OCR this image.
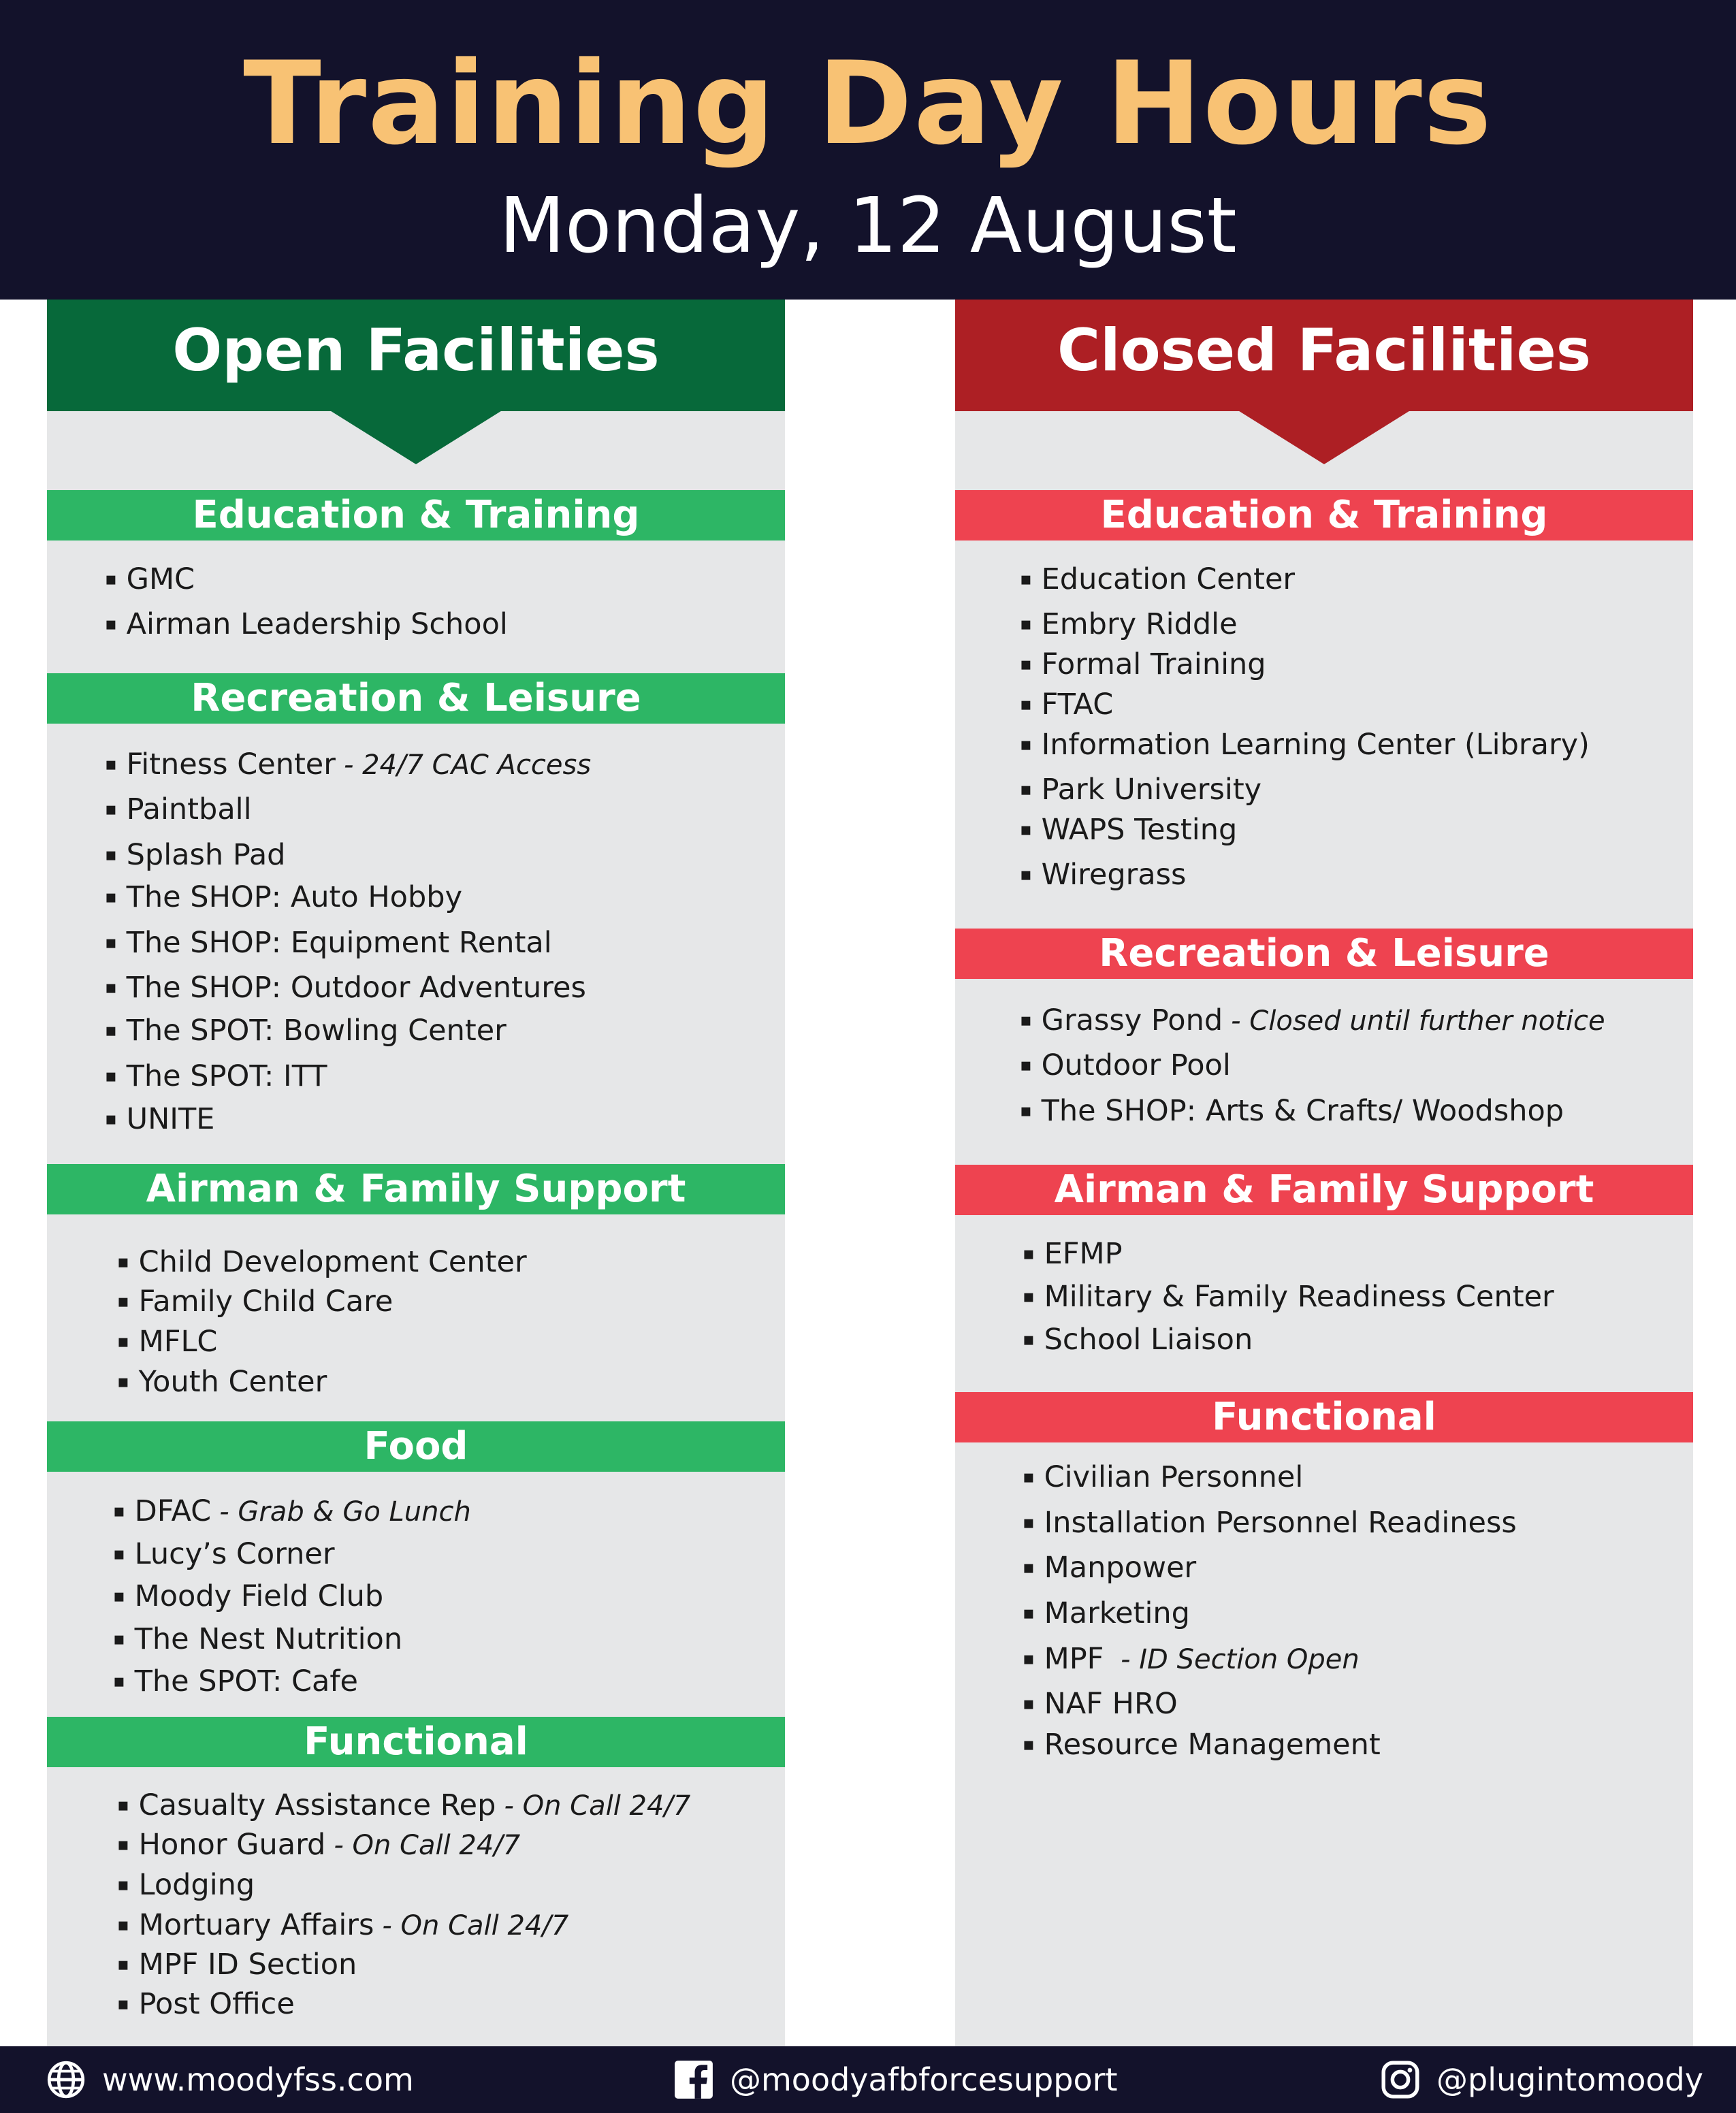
Training Day Hours
Monday, 12 August
Open Facilities
Education & Training
▪ GMC
▪ Airman Leadership School
Recreation & Leisure
▪ Fitness Center - 24/7 CAC Access
▪ Paintball
▪ Splash Pad
▪ The SHOP: Auto Hobby
▪ The SHOP: Equipment Rental
▪ The SHOP: Outdoor Adventures
▪ The SPOT: Bowling Center
▪ The SPOT: ITT
▪ UNITE
Airman & Family Support
▪ Child Development Center
▪ Family Child Care
▪ MFLC
▪ Youth Center
Food
▪ DFAC - Grab & Go Lunch
▪ Lucy’s Corner
▪ Moody Field Club
▪ The Nest Nutrition
▪ The SPOT: Cafe
Functional
▪ Casualty Assistance Rep - On Call 24/7
▪ Honor Guard - On Call 24/7
▪ Lodging
▪ Mortuary Affairs - On Call 24/7
▪ MPF ID Section
▪ Post Office
Closed Facilities
Education & Training
▪ Education Center
▪ Embry Riddle
▪ Formal Training
▪ FTAC
▪ Information Learning Center (Library)
▪ Park University
▪ WAPS Testing
▪ Wiregrass
Recreation & Leisure
▪ Grassy Pond - Closed until further notice
▪ Outdoor Pool
▪ The SHOP: Arts & Crafts/ Woodshop
Airman & Family Support
▪ EFMP
▪ Military & Family Readiness Center
▪ School Liaison
Functional
▪ Civilian Personnel
▪ Installation Personnel Readiness
▪ Manpower
▪ Marketing
▪ MPF - ID Section Open
▪ NAF HRO
▪ Resource Management
www.moodyfss.com	@moodyafbforcesupport	@plugintomoody
